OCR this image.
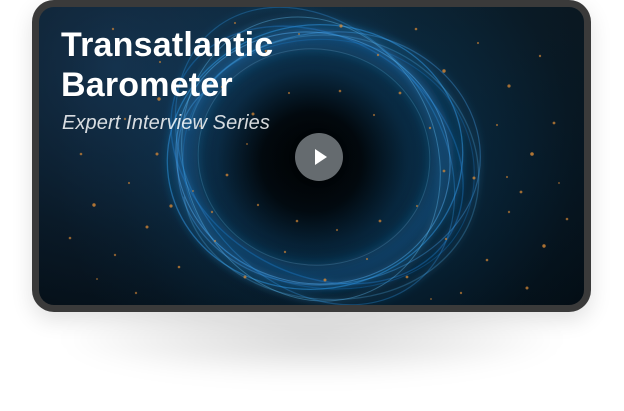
Transatlantic
Barometer
Expert Interview Series
